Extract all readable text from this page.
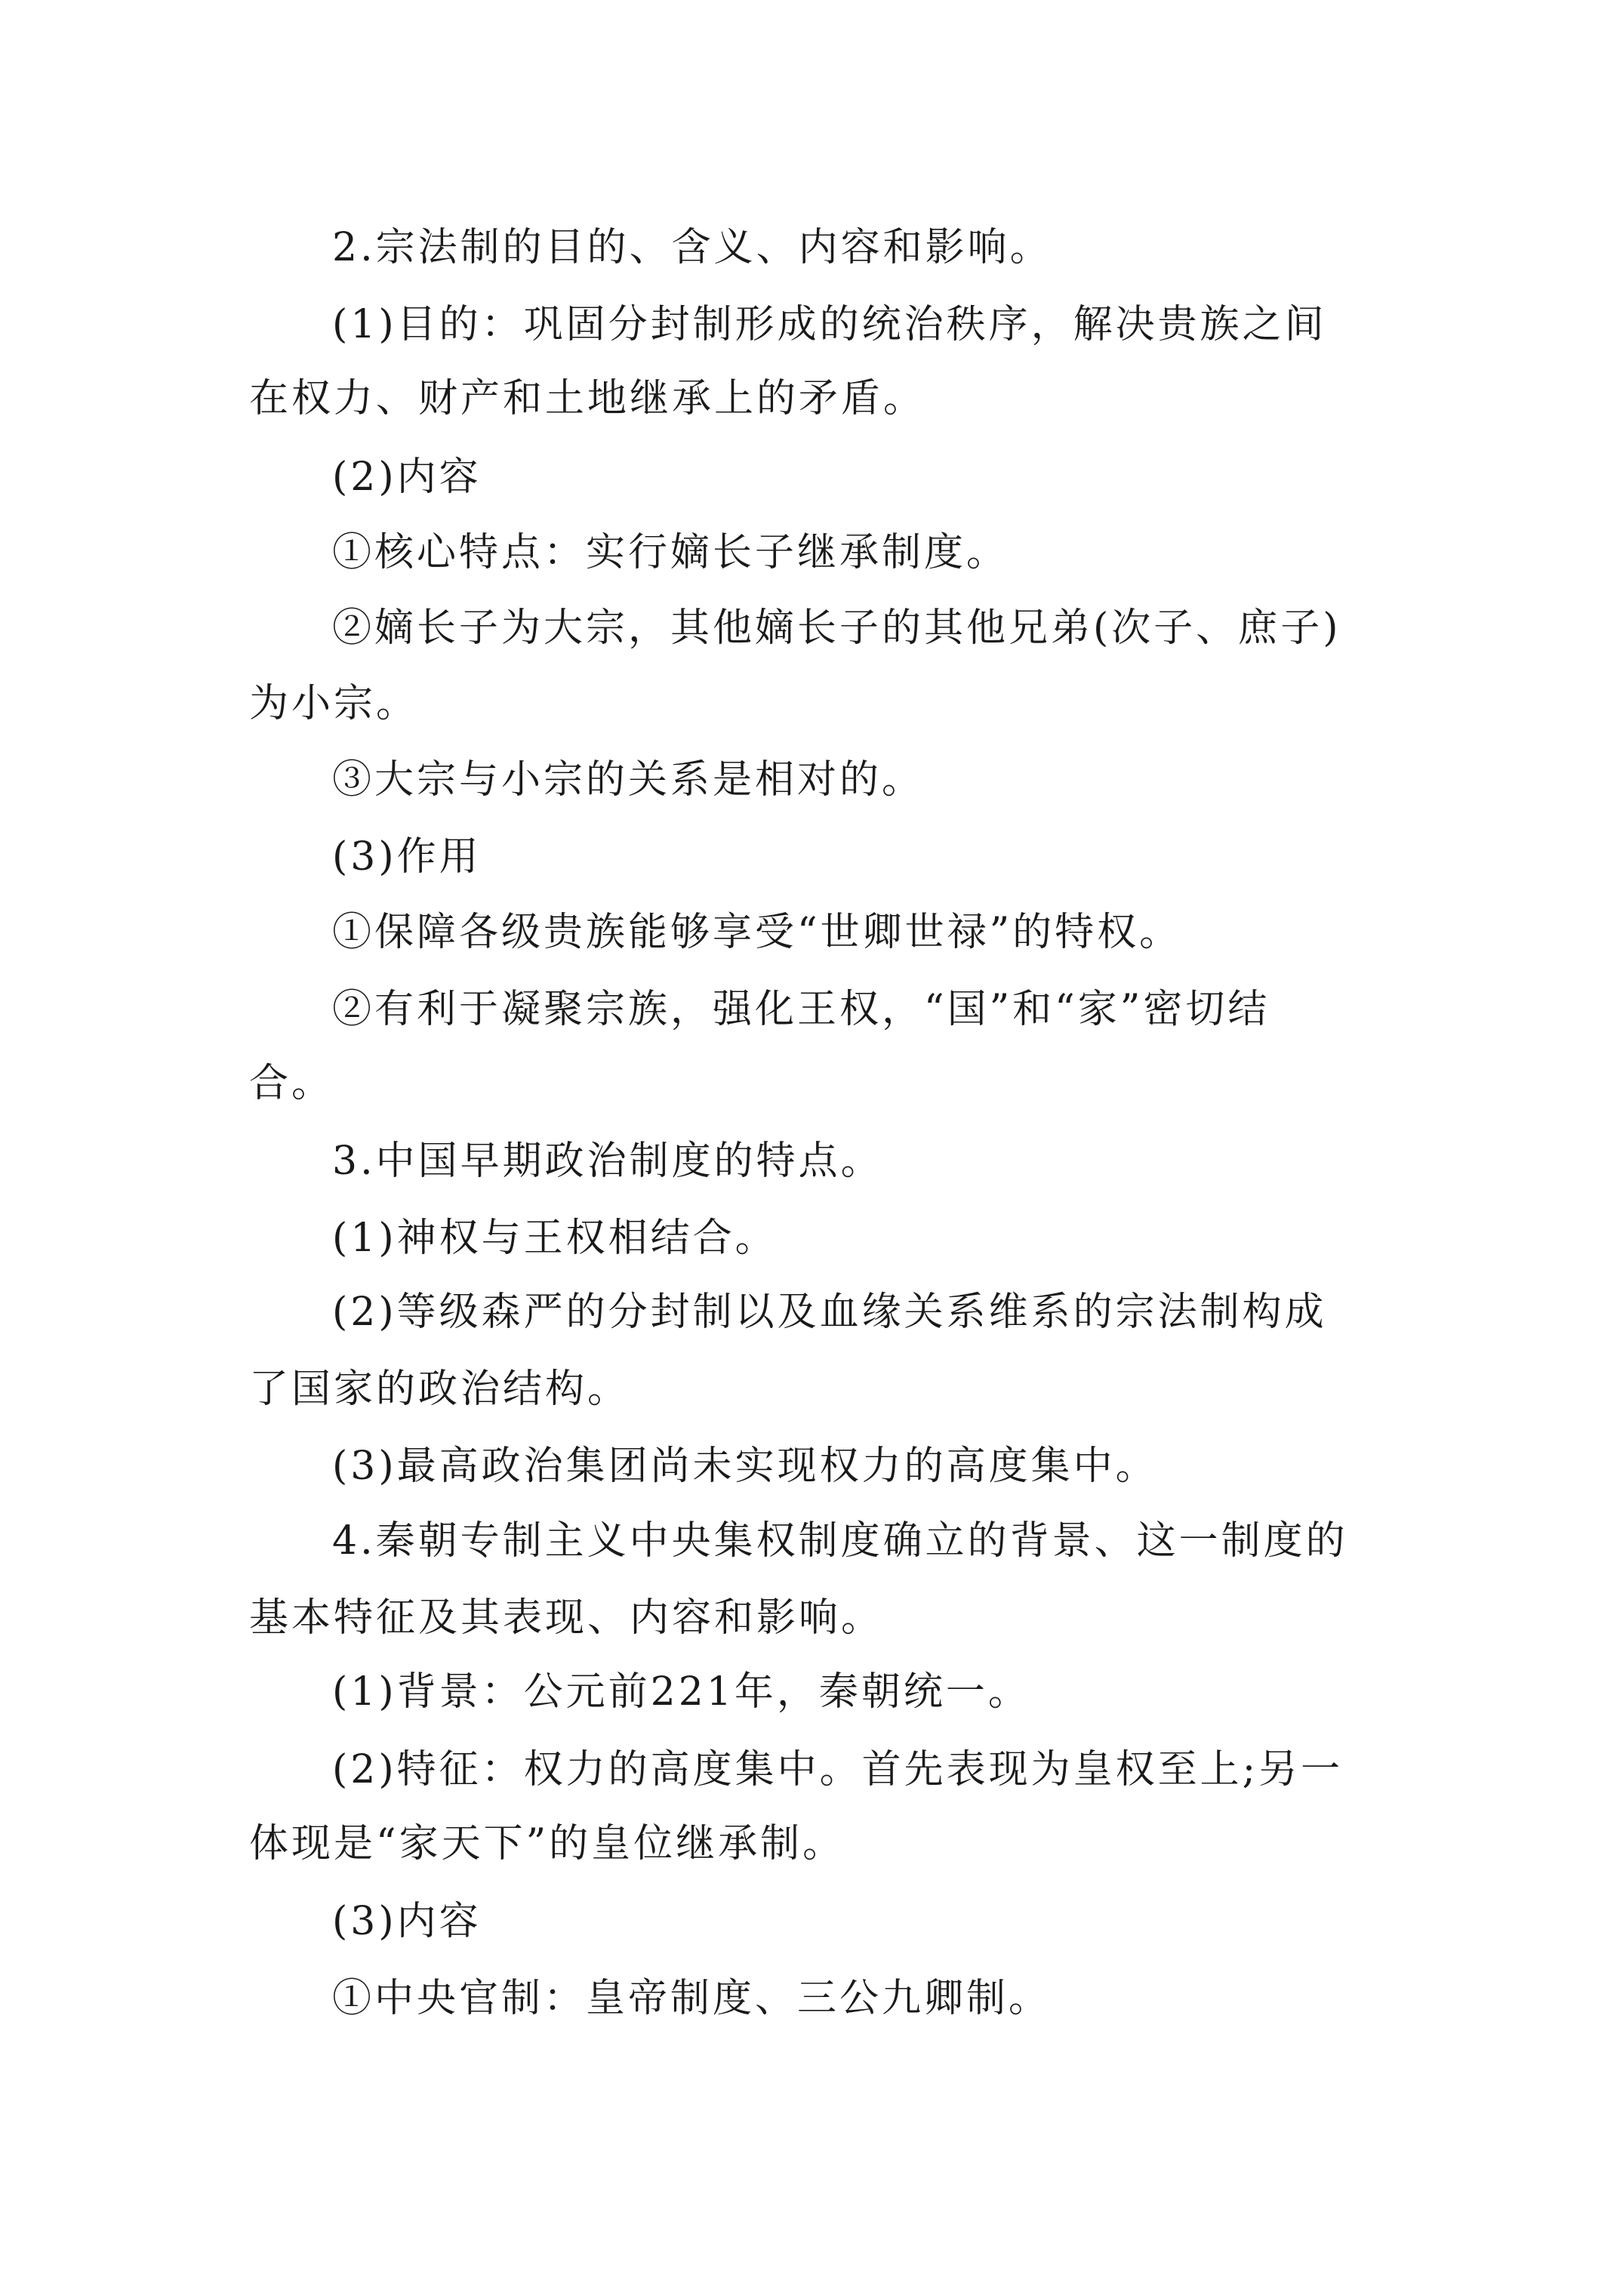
2.宗法制的目的、含义、内容和影响。
(1)目的：巩固分封制形成的统治秩序，解决贵族之间
在权力、财产和土地继承上的矛盾。
(2)内容
①核心特点：实行嫡长子继承制度。
②嫡长子为大宗，其他嫡长子的其他兄弟(次子、庶子)
为小宗。
③大宗与小宗的关系是相对的。
(3)作用
①保障各级贵族能够享受“世卿世禄”的特权。
②有利于凝聚宗族，强化王权，“国”和“家”密切结
合。
3.中国早期政治制度的特点。
(1)神权与王权相结合。
(2)等级森严的分封制以及血缘关系维系的宗法制构成
了国家的政治结构。
(3)最高政治集团尚未实现权力的高度集中。
4.秦朝专制主义中央集权制度确立的背景、这一制度的
基本特征及其表现、内容和影响。
(1)背景：公元前221年，秦朝统一。
(2)特征：权力的高度集中。首先表现为皇权至上;另一
体现是“家天下”的皇位继承制。
(3)内容
①中央官制：皇帝制度、三公九卿制。
